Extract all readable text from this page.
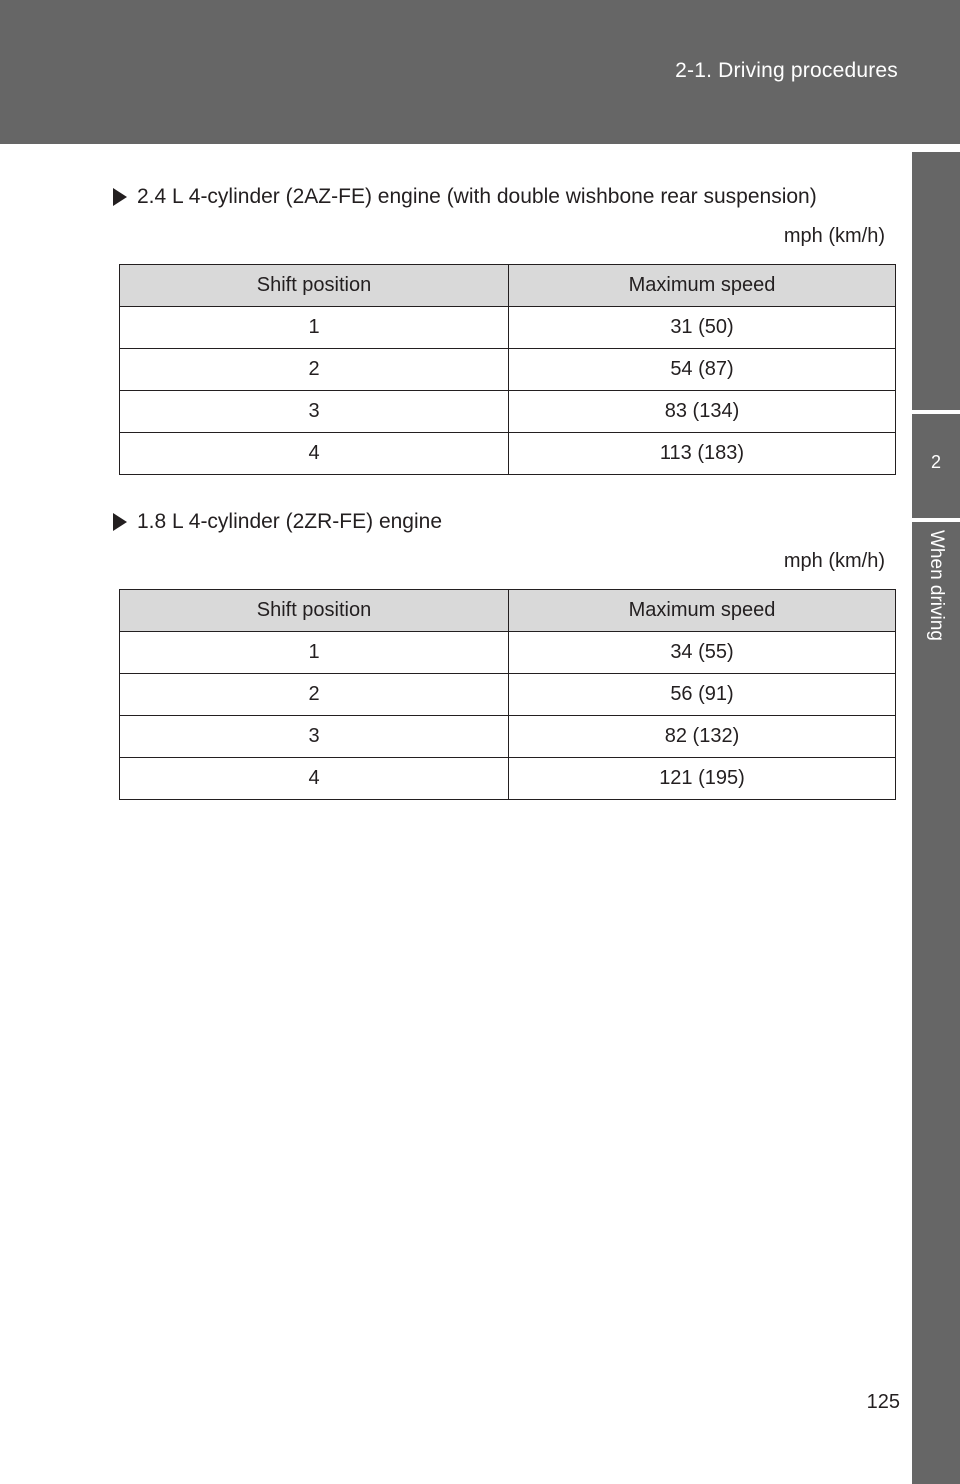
2-1. Driving procedures
2
When driving
2.4 L 4-cylinder (2AZ-FE) engine (with double wishbone rear suspension)
mph (km/h)
Shift position	Maximum speed
1	31 (50)
2	54 (87)
3	83 (134)
4	113 (183)
1.8 L 4-cylinder (2ZR-FE) engine
mph (km/h)
Shift position	Maximum speed
1	34 (55)
2	56 (91)
3	82 (132)
4	121 (195)
125
